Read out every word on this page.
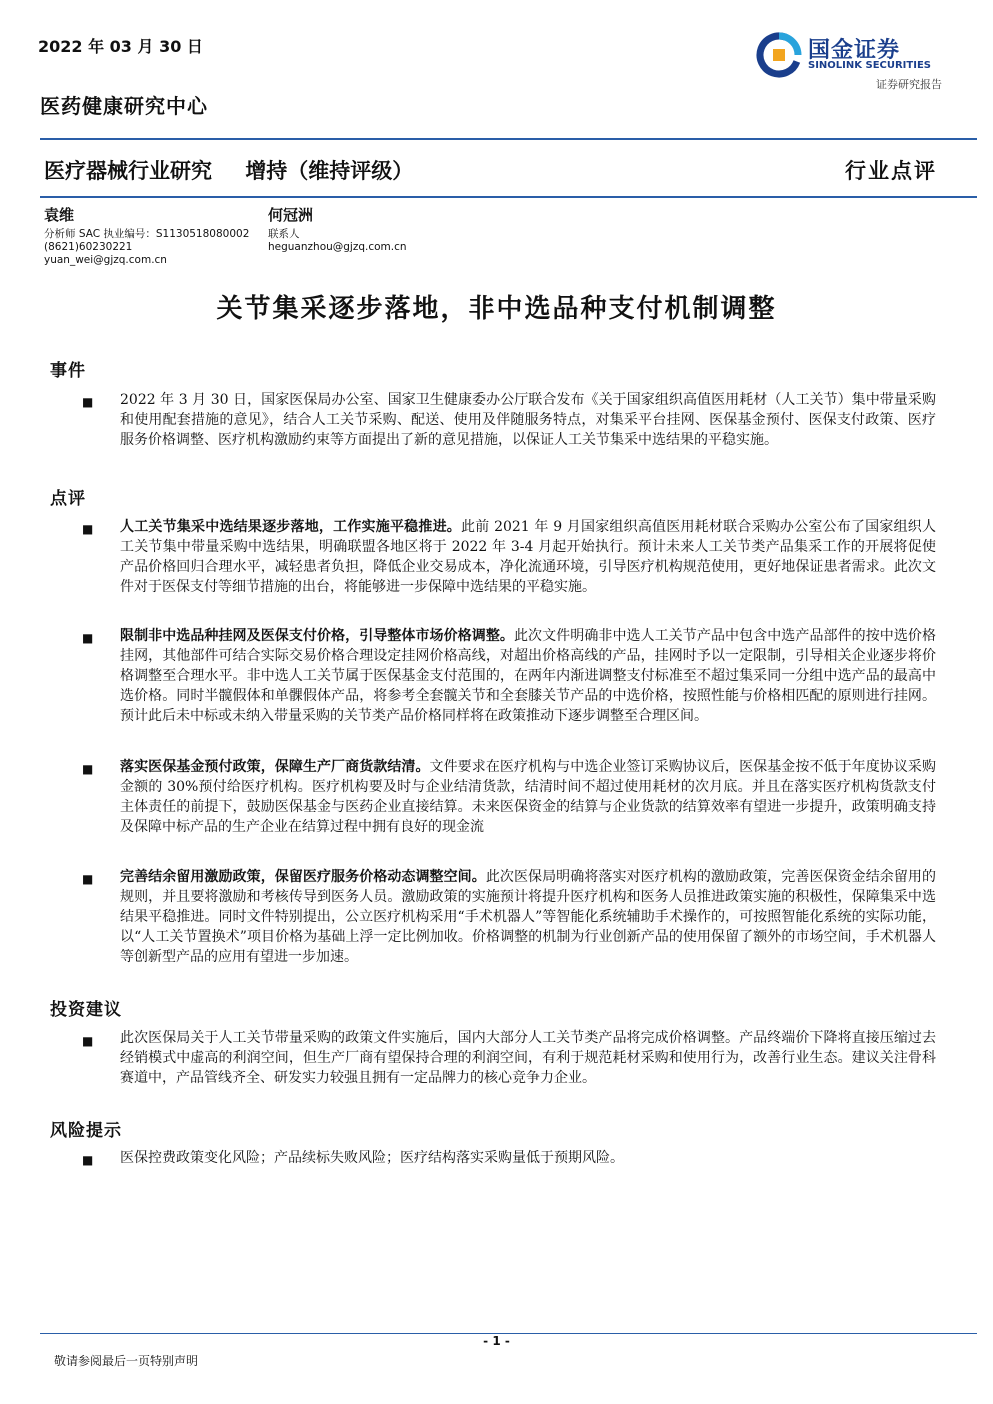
2022 年 03 月 30 日	国金证券
SINOLINK SECURITIES
证券研究报告
医药健康研究中心
医疗器械行业研究 增持（维持评级）	行业点评
袁维
分析师 SAC 执业编号：S1130518080002
(8621)60230221
yuan_wei@gjzq.com.cn
何冠洲
联系人
heguanzhou@gjzq.com.cn
关节集采逐步落地，非中选品种支付机制调整
事件
■	2022 年 3 月 30 日，国家医保局办公室、国家卫生健康委办公厅联合发布《关于国家组织高值医用耗材（人工关节）集中带量采购和使用配套措施的意见》，结合人工关节采购、配送、使用及伴随服务特点，对集采平台挂网、医保基金预付、医保支付政策、医疗服务价格调整、医疗机构激励约束等方面提出了新的意见措施，以保证人工关节集采中选结果的平稳实施。
点评
■	人工关节集采中选结果逐步落地，工作实施平稳推进。此前 2021 年 9 月国家组织高值医用耗材联合采购办公室公布了国家组织人工关节集中带量采购中选结果，明确联盟各地区将于 2022 年 3-4 月起开始执行。预计未来人工关节类产品集采工作的开展将促使产品价格回归合理水平，减轻患者负担，降低企业交易成本，净化流通环境，引导医疗机构规范使用，更好地保证患者需求。此次文件对于医保支付等细节措施的出台，将能够进一步保障中选结果的平稳实施。
■	限制非中选品种挂网及医保支付价格，引导整体市场价格调整。此次文件明确非中选人工关节产品中包含中选产品部件的按中选价格挂网，其他部件可结合实际交易价格合理设定挂网价格高线，对超出价格高线的产品，挂网时予以一定限制，引导相关企业逐步将价格调整至合理水平。非中选人工关节属于医保基金支付范围的，在两年内渐进调整支付标准至不超过集采同一分组中选产品的最高中选价格。同时半髋假体和单髁假体产品，将参考全套髋关节和全套膝关节产品的中选价格，按照性能与价格相匹配的原则进行挂网。预计此后未中标或未纳入带量采购的关节类产品价格同样将在政策推动下逐步调整至合理区间。
■	落实医保基金预付政策，保障生产厂商货款结清。文件要求在医疗机构与中选企业签订采购协议后，医保基金按不低于年度协议采购金额的 30%预付给医疗机构。医疗机构要及时与企业结清货款，结清时间不超过使用耗材的次月底。并且在落实医疗机构货款支付主体责任的前提下，鼓励医保基金与医药企业直接结算。未来医保资金的结算与企业货款的结算效率有望进一步提升，政策明确支持及保障中标产品的生产企业在结算过程中拥有良好的现金流
■	完善结余留用激励政策，保留医疗服务价格动态调整空间。此次医保局明确将落实对医疗机构的激励政策，完善医保资金结余留用的规则，并且要将激励和考核传导到医务人员。激励政策的实施预计将提升医疗机构和医务人员推进政策实施的积极性，保障集采中选结果平稳推进。同时文件特别提出，公立医疗机构采用“手术机器人”等智能化系统辅助手术操作的，可按照智能化系统的实际功能，以“人工关节置换术”项目价格为基础上浮一定比例加收。价格调整的机制为行业创新产品的使用保留了额外的市场空间，手术机器人等创新型产品的应用有望进一步加速。
投资建议
■	此次医保局关于人工关节带量采购的政策文件实施后，国内大部分人工关节类产品将完成价格调整。产品终端价下降将直接压缩过去经销模式中虚高的利润空间，但生产厂商有望保持合理的利润空间，有利于规范耗材采购和使用行为，改善行业生态。建议关注骨科赛道中，产品管线齐全、研发实力较强且拥有一定品牌力的核心竞争力企业。
风险提示
■	医保控费政策变化风险；产品续标失败风险；医疗结构落实采购量低于预期风险。
- 1 -
敬请参阅最后一页特别声明
